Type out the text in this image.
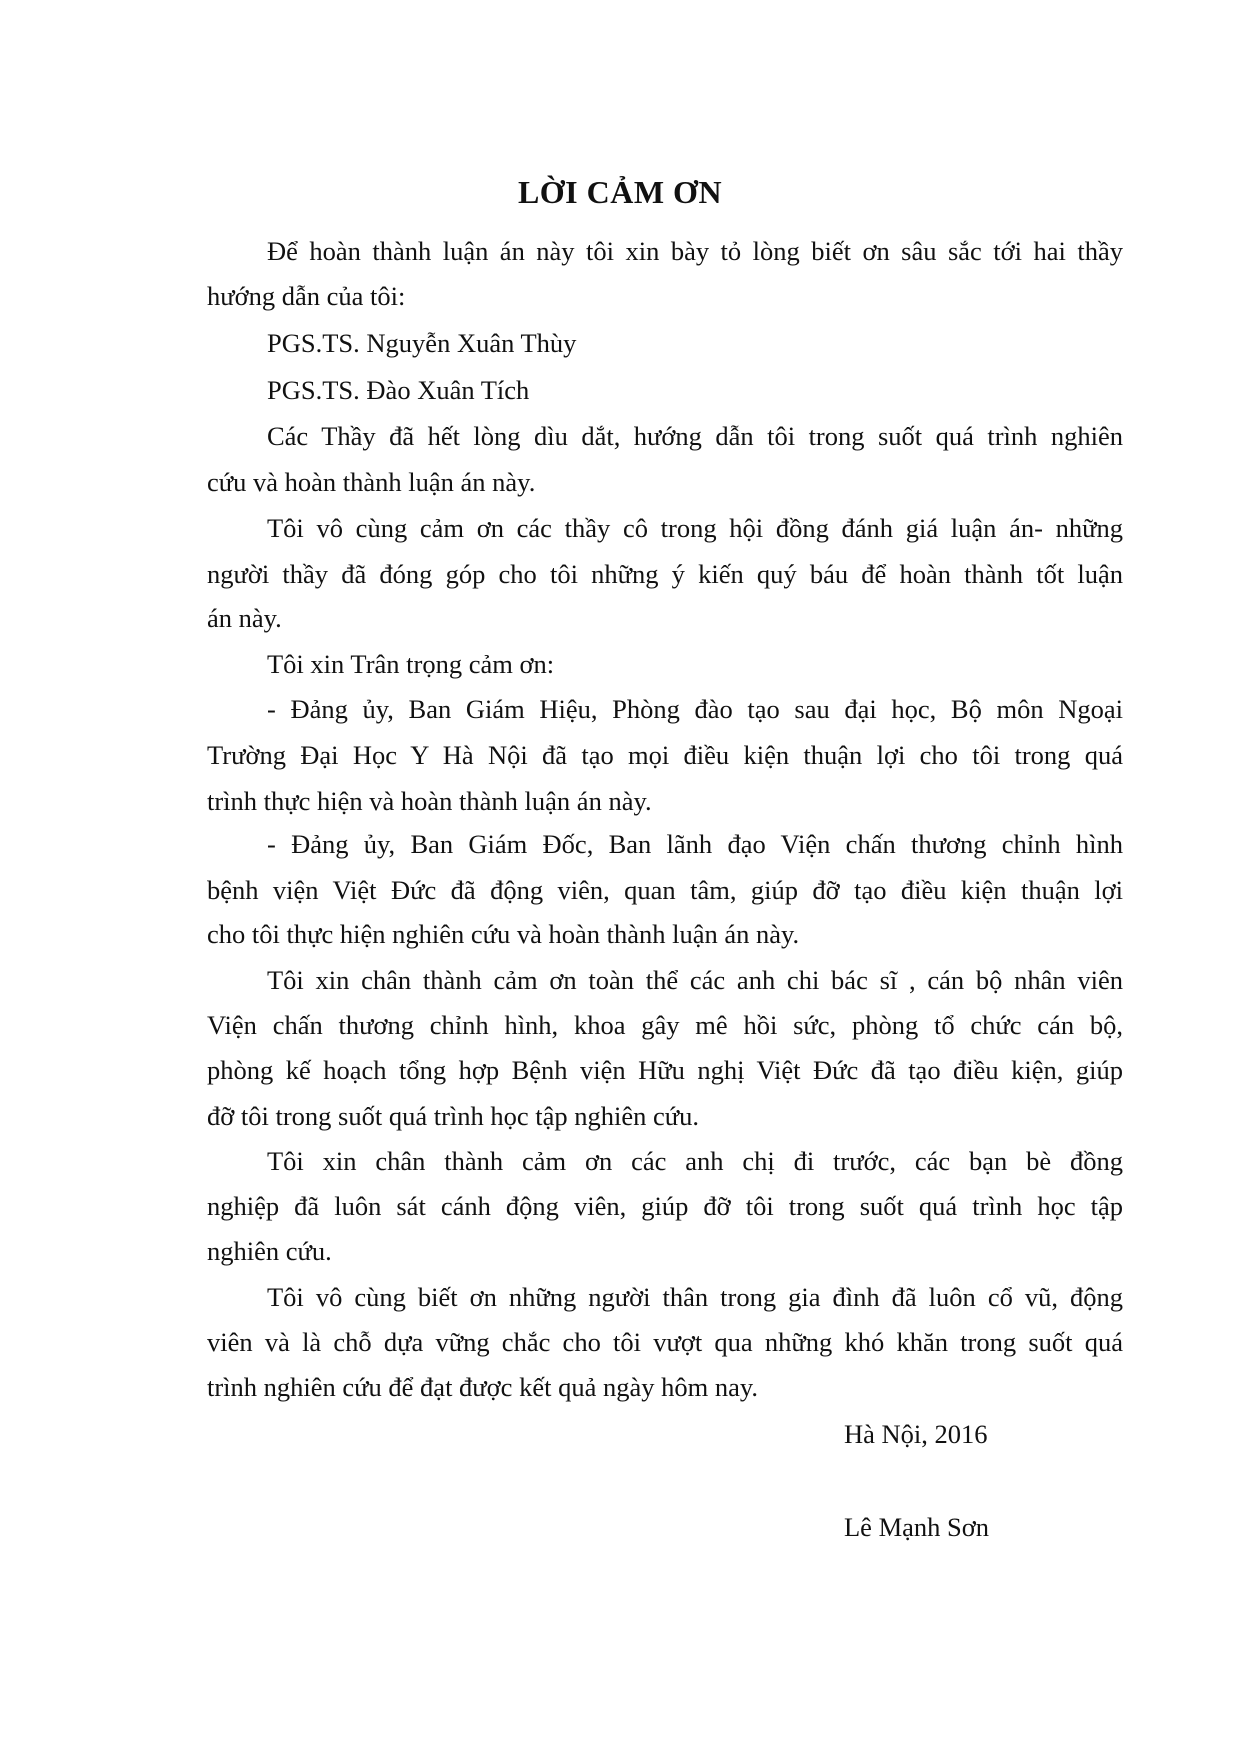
LỜI CẢM ƠN
Để hoàn thành luận án này tôi xin bày tỏ lòng biết ơn sâu sắc tới hai thầy
hướng dẫn của tôi:
PGS.TS. Nguyễn Xuân Thùy
PGS.TS. Đào Xuân Tích
Các Thầy đã hết lòng dìu dắt, hướng dẫn tôi trong suốt quá trình nghiên
cứu và hoàn thành luận án này.
Tôi vô cùng cảm ơn các thầy cô trong hội đồng đánh giá luận án- những
người thầy đã đóng góp cho tôi những ý kiến quý báu để hoàn thành tốt luận
án này.
Tôi xin Trân trọng cảm ơn:
- Đảng ủy, Ban Giám Hiệu, Phòng đào tạo sau đại học, Bộ môn Ngoại
Trường Đại Học Y Hà Nội đã tạo mọi điều kiện thuận lợi cho tôi trong quá
trình thực hiện và hoàn thành luận án này.
- Đảng ủy, Ban Giám Đốc, Ban lãnh đạo Viện chấn thương chỉnh hình
bệnh viện Việt Đức đã động viên, quan tâm, giúp đỡ tạo điều kiện thuận lợi
cho tôi thực hiện nghiên cứu và hoàn thành luận án này.
Tôi xin chân thành cảm ơn toàn thể các anh chi bác sĩ , cán bộ nhân viên
Viện chấn thương chỉnh hình, khoa gây mê hồi sức, phòng tổ chức cán bộ,
phòng kế hoạch tổng hợp Bệnh viện Hữu nghị Việt Đức đã tạo điều kiện, giúp
đỡ tôi trong suốt quá trình học tập nghiên cứu.
Tôi xin chân thành cảm ơn các anh chị đi trước, các bạn bè đồng
nghiệp đã luôn sát cánh động viên, giúp đỡ tôi trong suốt quá trình học tập
nghiên cứu.
Tôi vô cùng biết ơn những người thân trong gia đình đã luôn cổ vũ, động
viên và là chỗ dựa vững chắc cho tôi vượt qua những khó khăn trong suốt quá
trình nghiên cứu để đạt được kết quả ngày hôm nay.
Hà Nội, 2016
Lê Mạnh Sơn
